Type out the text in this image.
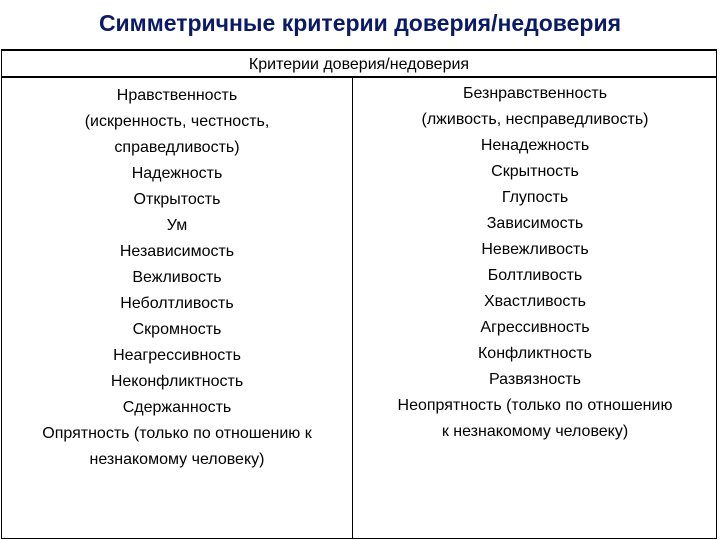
Симметричные критерии доверия/недоверия
Критерии доверия/недоверия
Нравственность
(искренность, честность,
справедливость)
Надежность
Открытость
Ум
Независимость
Вежливость
Неболтливость
Скромность
Неагрессивность
Неконфликтность
Сдержанность
Опрятность (только по отношению к
незнакомому человеку)
Безнравственность
(лживость, несправедливость)
Ненадежность
Скрытность
Глупость
Зависимость
Невежливость
Болтливость
Хвастливость
Агрессивность
Конфликтность
Развязность
Неопрятность (только по отношению
к незнакомому человеку)
